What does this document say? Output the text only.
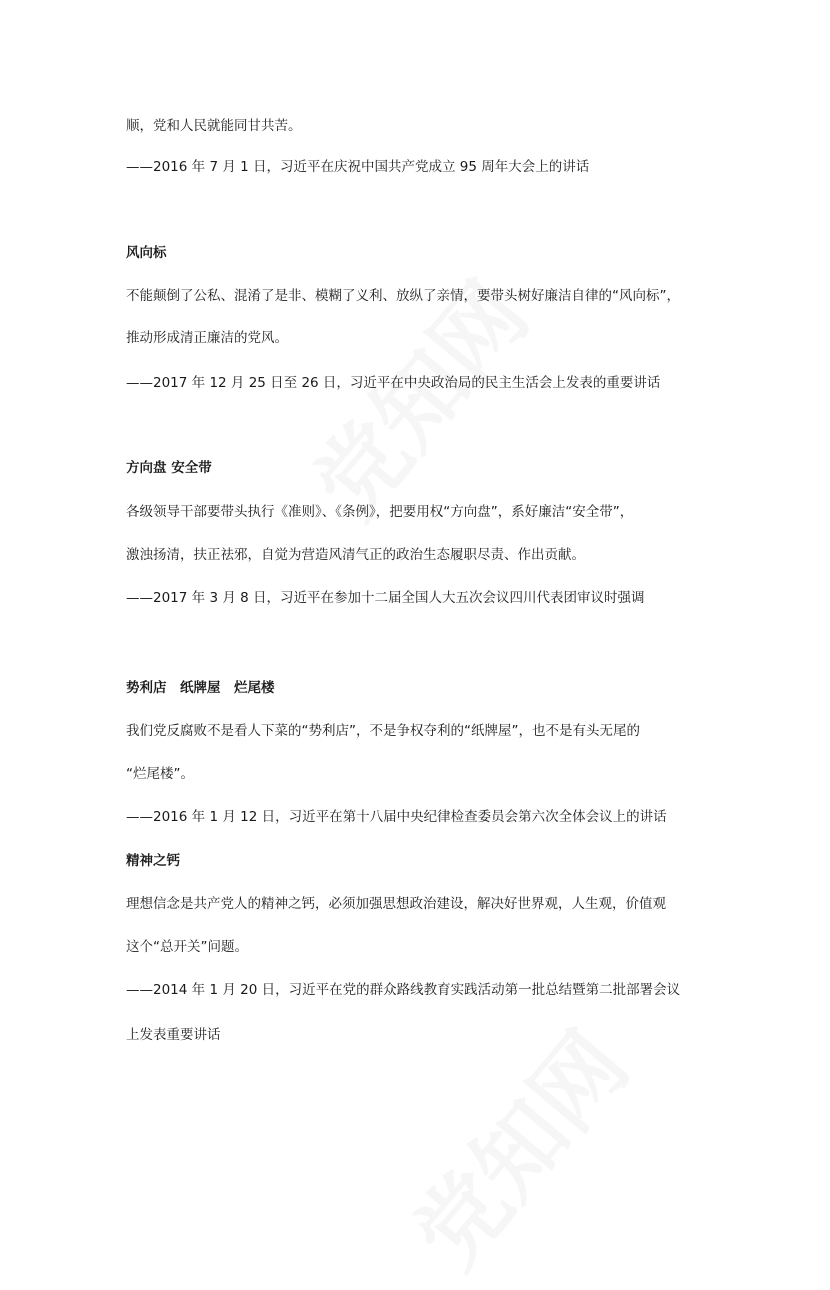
顺，党和人民就能同甘共苦。
——2016 年 7 月 1 日，习近平在庆祝中国共产党成立 95 周年大会上的讲话
风向标
不能颠倒了公私、混淆了是非、模糊了义利、放纵了亲情，要带头树好廉洁自律的“风向标”，
推动形成清正廉洁的党风。
——2017 年 12 月 25 日至 26 日，习近平在中央政治局的民主生活会上发表的重要讲话
方向盘 安全带
各级领导干部要带头执行《准则》、《条例》，把要用权“方向盘”，系好廉洁“安全带”，
激浊扬清，扶正祛邪，自觉为营造风清气正的政治生态履职尽责、作出贡献。
——2017 年 3 月 8 日，习近平在参加十二届全国人大五次会议四川代表团审议时强调
势利店　纸牌屋　烂尾楼
我们党反腐败不是看人下菜的“势利店”，不是争权夺利的“纸牌屋”，也不是有头无尾的
“烂尾楼”。
——2016 年 1 月 12 日，习近平在第十八届中央纪律检查委员会第六次全体会议上的讲话
精神之钙
理想信念是共产党人的精神之钙，必须加强思想政治建设，解决好世界观，人生观，价值观
这个“总开关”问题。
——2014 年 1 月 20 日，习近平在党的群众路线教育实践活动第一批总结暨第二批部署会议
上发表重要讲话
